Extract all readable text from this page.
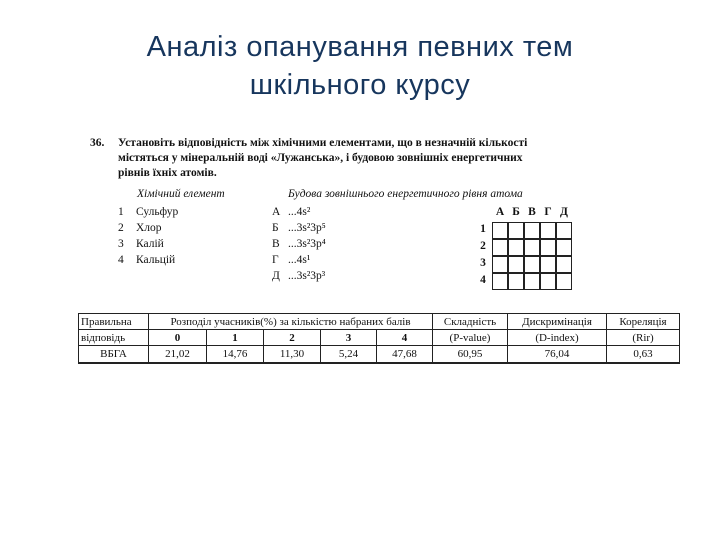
Аналіз опанування певних тем
шкільного курсу
36. Установіть відповідність між хімічними елементами, що в незначній кількості
містяться у мінеральній воді «Лужанська», і будовою зовнішніх енергетичних
рівнів їхніх атомів.
Хімічний елемент	Будова зовнішнього енергетичного рівня атома
1 Сульфур
2 Хлор
3 Калій
4 Кальцій
А ...4s²
Б ...3s²3p⁵
В ...3s²3p⁴
Г ...4s¹
Д ...3s²3p³
А Б В Г Д
1
2
3
4
Правильна	Розподіл учасників(%) за кількістю набраних балів					Складність	Дискримінація	Кореляція
відповідь	0	1	2	3	4	(P-value)	(D-index)	(Rir)
ВБГА	21,02	14,76	11,30	5,24	47,68	60,95	76,04	0,63
